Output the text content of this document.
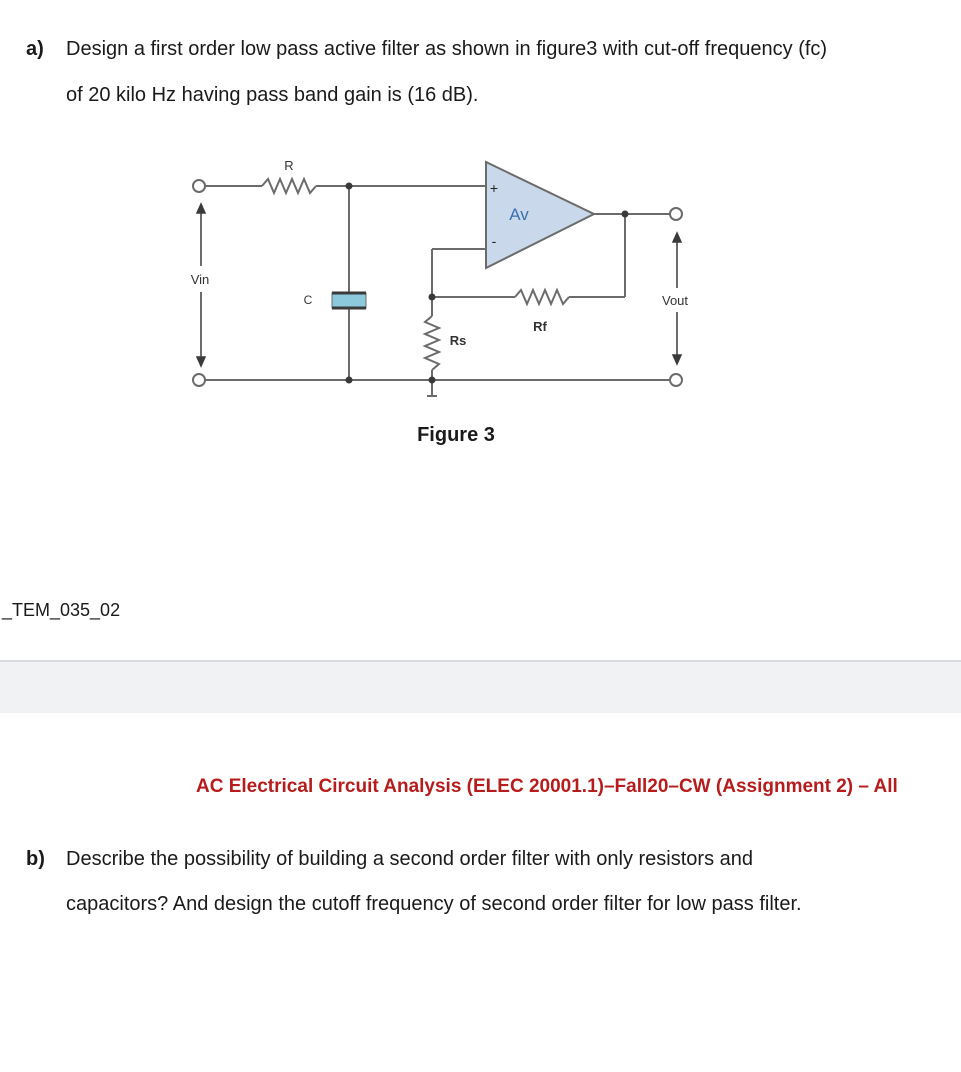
a) Design a first order low pass active filter as shown in figure3 with cut-off frequency (fc)
of 20 kilo Hz having pass band gain is (16 dB).
R
C
Vin
Vout
Av
Rf
Rs
+
-
Figure 3
_TEM_035_02
AC Electrical Circuit Analysis (ELEC 20001.1)–Fall20–CW (Assignment 2) – All
b) Describe the possibility of building a second order filter with only resistors and
capacitors? And design the cutoff frequency of second order filter for low pass filter.
